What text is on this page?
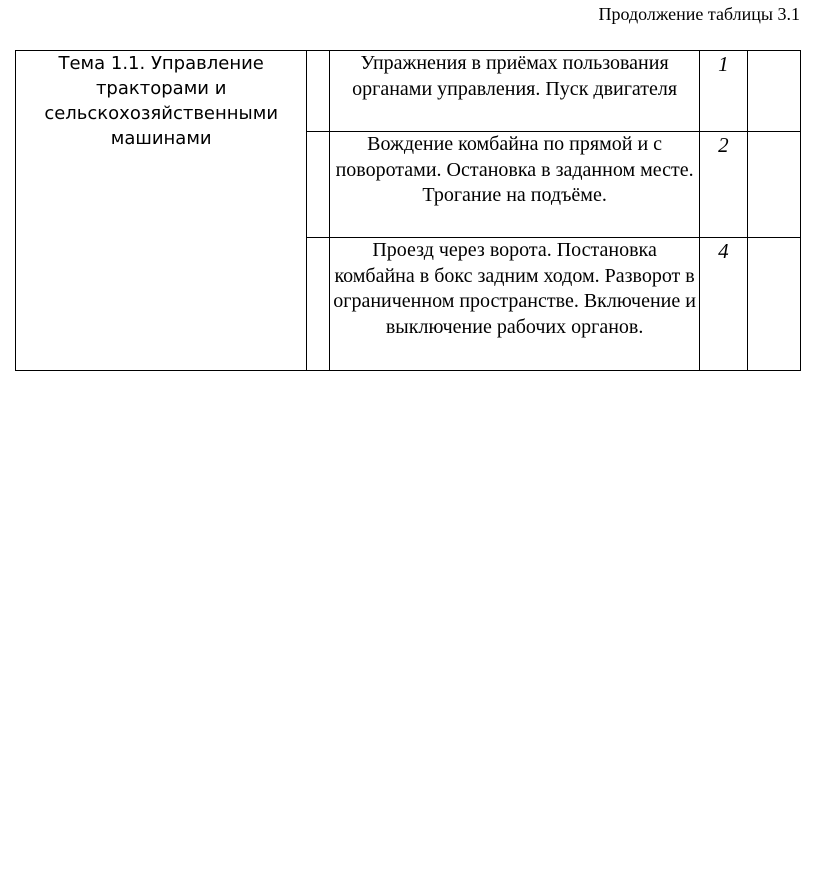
Продолжение таблицы 3.1
Тема 1.1. Управление тракторами и сельскохозяйственными машинами		Упражнения в приёмах пользования органами управления. Пуск двигателя	1	
		Вождение комбайна по прямой и с поворотами. Остановка в заданном месте. Трогание на подъёме.	2	
		Проезд через ворота. Постановка комбайна в бокс задним ходом. Разворот в ограниченном пространстве. Включение и выключение рабочих органов.	4	
